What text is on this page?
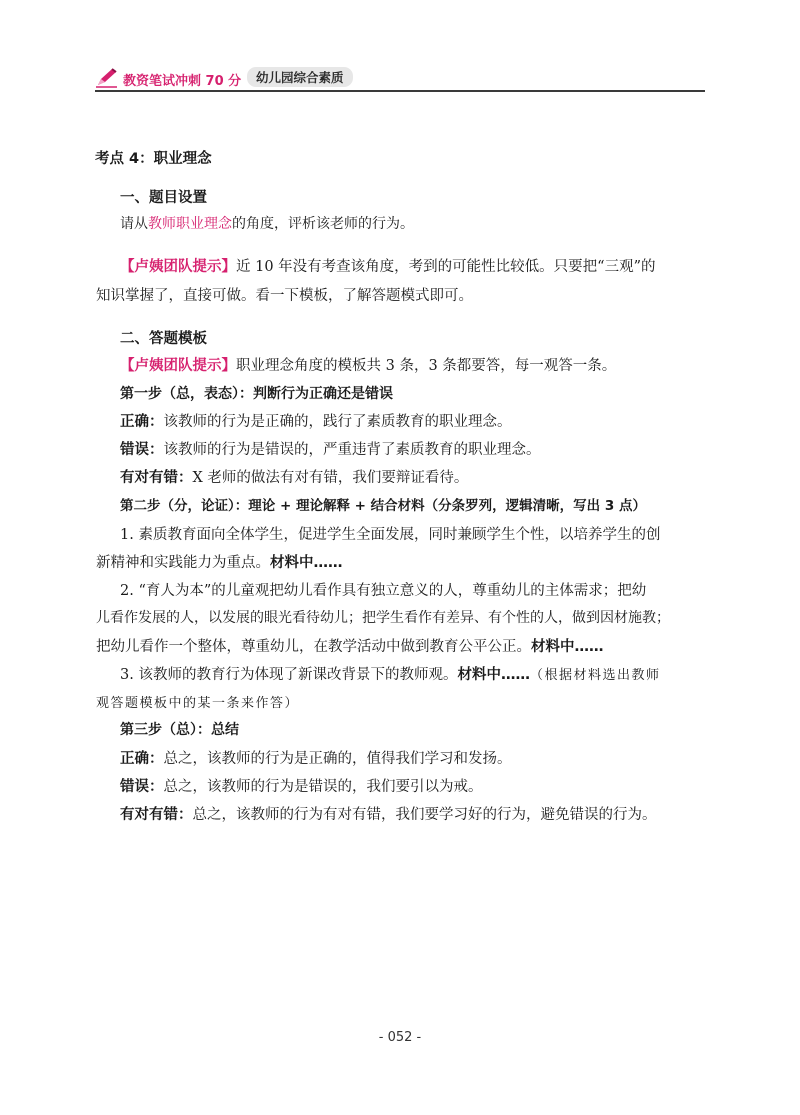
教资笔试冲刺 70 分	幼儿园综合素质
考点 4：职业理念
一、题目设置
请从教师职业理念的角度，评析该老师的行为。
【卢姨团队提示】近 10 年没有考查该角度，考到的可能性比较低。只要把“三观”的
知识掌握了，直接可做。看一下模板，了解答题模式即可。
二、答题模板
【卢姨团队提示】职业理念角度的模板共 3 条，3 条都要答，每一观答一条。
第一步（总，表态）：判断行为正确还是错误
正确：该教师的行为是正确的，践行了素质教育的职业理念。
错误：该教师的行为是错误的，严重违背了素质教育的职业理念。
有对有错：X 老师的做法有对有错，我们要辩证看待。
第二步（分，论证）：理论 + 理论解释 + 结合材料（分条罗列，逻辑清晰，写出 3 点）
1. 素质教育面向全体学生，促进学生全面发展，同时兼顾学生个性，以培养学生的创
新精神和实践能力为重点。材料中……
2. “育人为本”的儿童观把幼儿看作具有独立意义的人，尊重幼儿的主体需求；把幼
儿看作发展的人，以发展的眼光看待幼儿；把学生看作有差异、有个性的人，做到因材施教；
把幼儿看作一个整体，尊重幼儿，在教学活动中做到教育公平公正。材料中……
3. 该教师的教育行为体现了新课改背景下的教师观。材料中……（根据材料选出教师
观答题模板中的某一条来作答）
第三步（总）：总结
正确：总之，该教师的行为是正确的，值得我们学习和发扬。
错误：总之，该教师的行为是错误的，我们要引以为戒。
有对有错：总之，该教师的行为有对有错，我们要学习好的行为，避免错误的行为。
- 052 -
